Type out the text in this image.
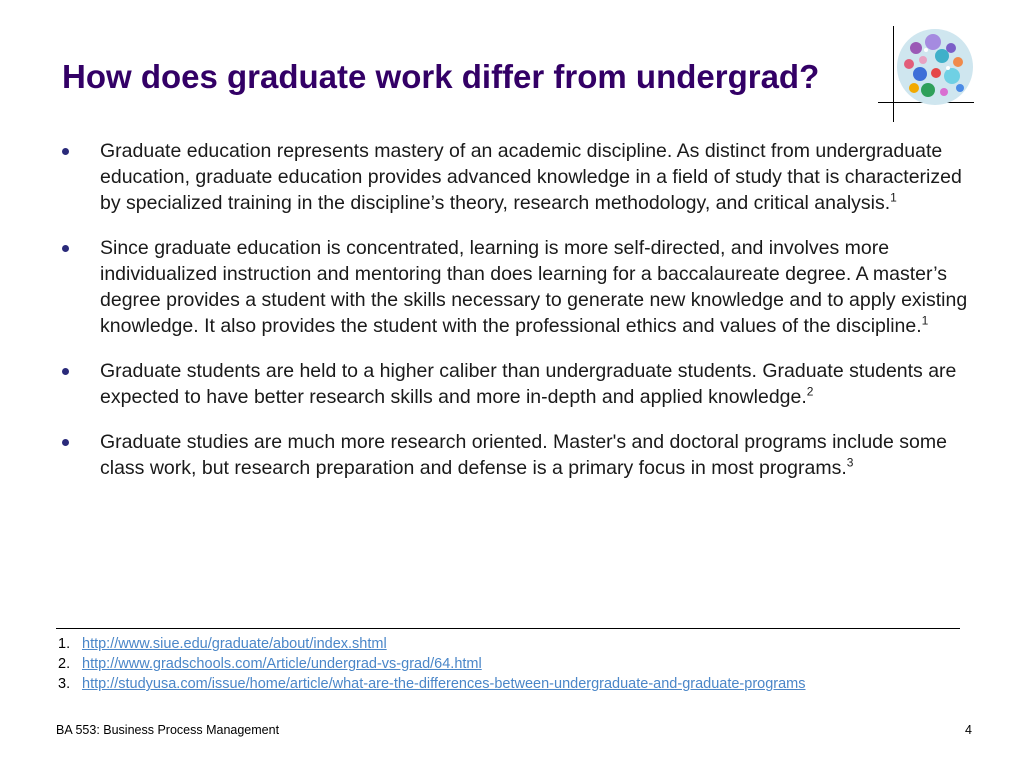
How does graduate work differ from undergrad?
Graduate education represents mastery of an academic discipline. As distinct from undergraduate education, graduate education provides advanced knowledge in a field of study that is characterized by specialized training in the discipline’s theory, research methodology, and critical analysis.$^1$
Since graduate education is concentrated, learning is more self-directed, and involves more individualized instruction and mentoring than does learning for a baccalaureate degree. A master’s degree provides a student with the skills necessary to generate new knowledge and to apply existing knowledge. It also provides the student with the professional ethics and values of the discipline.$^1$
Graduate students are held to a higher caliber than undergraduate students. Graduate students are expected to have better research skills and more in-depth and applied knowledge.$^2$
Graduate studies are much more research oriented. Master's and doctoral programs include some class work, but research preparation and defense is a primary focus in most programs.$^3$
1. http://www.siue.edu/graduate/about/index.shtml
2. http://www.gradschools.com/Article/undergrad-vs-grad/64.html
3. http://studyusa.com/issue/home/article/what-are-the-differences-between-undergraduate-and-graduate-programs
BA 553: Business Process Management	4
